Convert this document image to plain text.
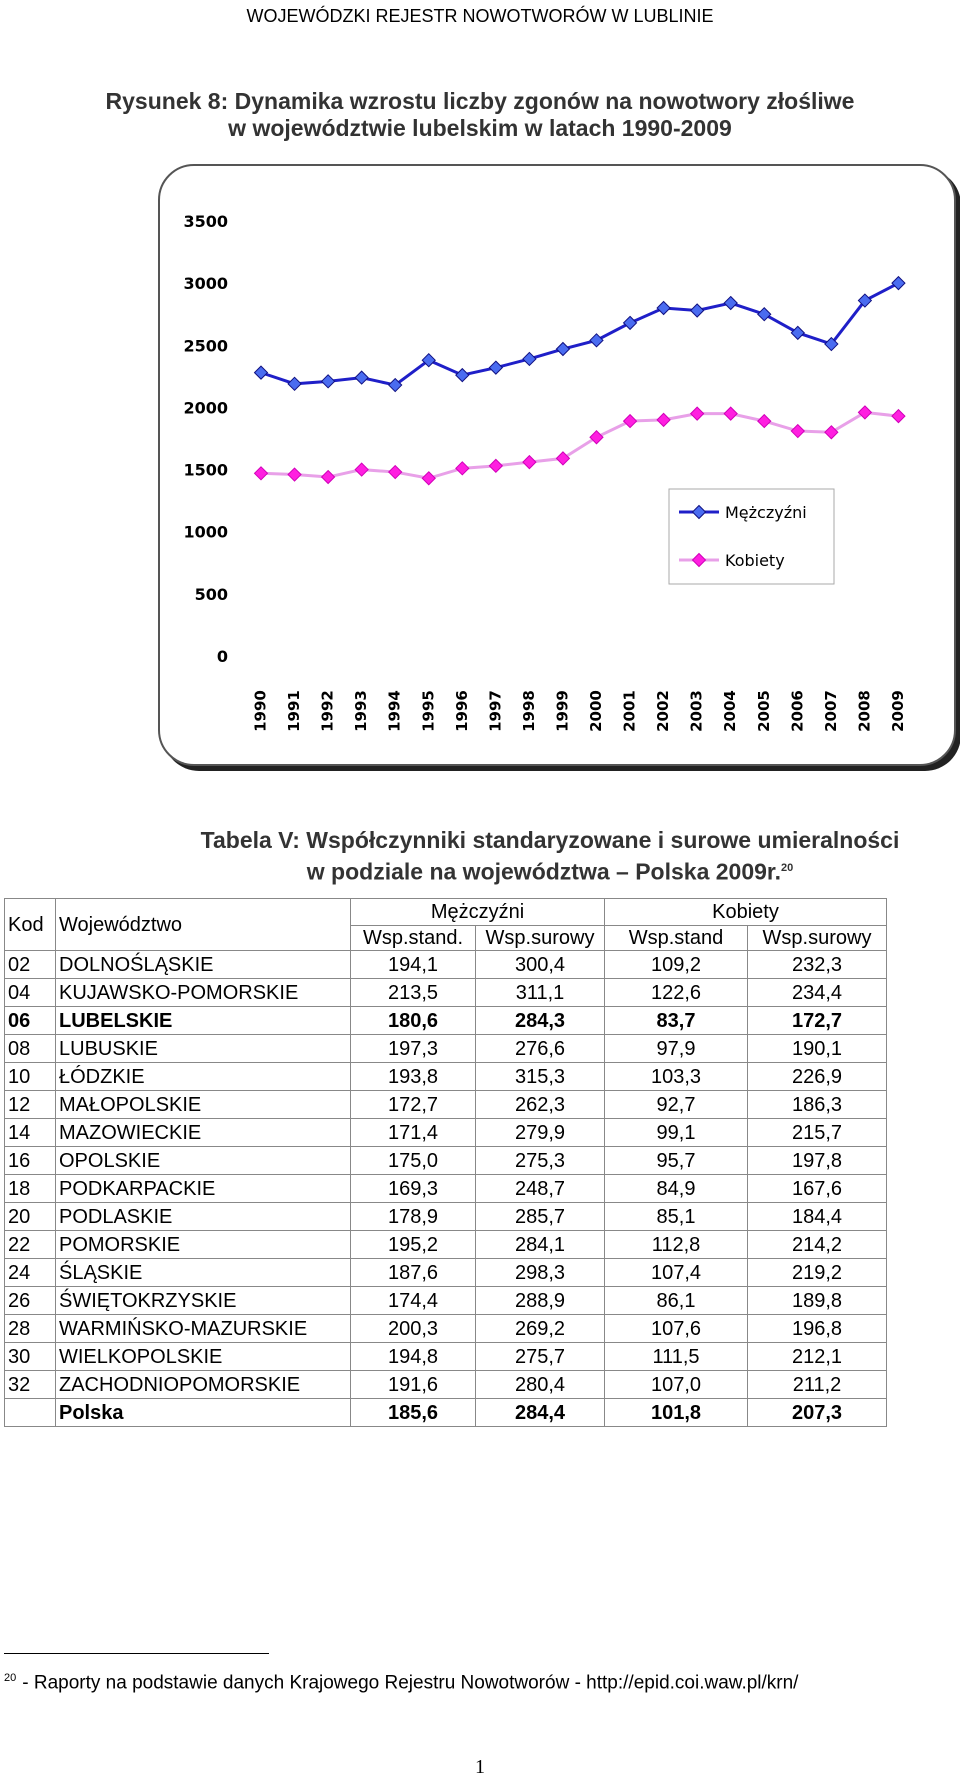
WOJEWÓDZKI REJESTR NOWOTWORÓW W LUBLINIE
Rysunek 8: Dynamika wzrostu liczby zgonów na nowotwory złośliwe
w województwie lubelskim w latach 1990-2009
0
500
1000
1500
2000
2500
3000
3500
1990 1991 1992 1993 1994 1995 1996 1997 1998 1999 2000 2001 2002 2003 2004 2005 2006 2007 2008 2009
Mężczyźni
Kobiety
Tabela V: Współczynniki standaryzowane i surowe umieralności
w podziale na województwa – Polska 2009r.$^{20}$
Kod	Województwo	Mężczyźni		Kobiety	
		Wsp.stand.	Wsp.surowy	Wsp.stand	Wsp.surowy
02	DOLNOŚLĄSKIE	194,1	300,4	109,2	232,3
04	KUJAWSKO-POMORSKIE	213,5	311,1	122,6	234,4
06	LUBELSKIE	180,6	284,3	83,7	172,7
08	LUBUSKIE	197,3	276,6	97,9	190,1
10	ŁÓDZKIE	193,8	315,3	103,3	226,9
12	MAŁOPOLSKIE	172,7	262,3	92,7	186,3
14	MAZOWIECKIE	171,4	279,9	99,1	215,7
16	OPOLSKIE	175,0	275,3	95,7	197,8
18	PODKARPACKIE	169,3	248,7	84,9	167,6
20	PODLASKIE	178,9	285,7	85,1	184,4
22	POMORSKIE	195,2	284,1	112,8	214,2
24	ŚLĄSKIE	187,6	298,3	107,4	219,2
26	ŚWIĘTOKRZYSKIE	174,4	288,9	86,1	189,8
28	WARMIŃSKO-MAZURSKIE	200,3	269,2	107,6	196,8
30	WIELKOPOLSKIE	194,8	275,7	111,5	212,1
32	ZACHODNIOPOMORSKIE	191,6	280,4	107,0	211,2
	Polska	185,6	284,4	101,8	207,3
$^{20}$ - Raporty na podstawie danych Krajowego Rejestru Nowotworów - http://epid.coi.waw.pl/krn/
1
